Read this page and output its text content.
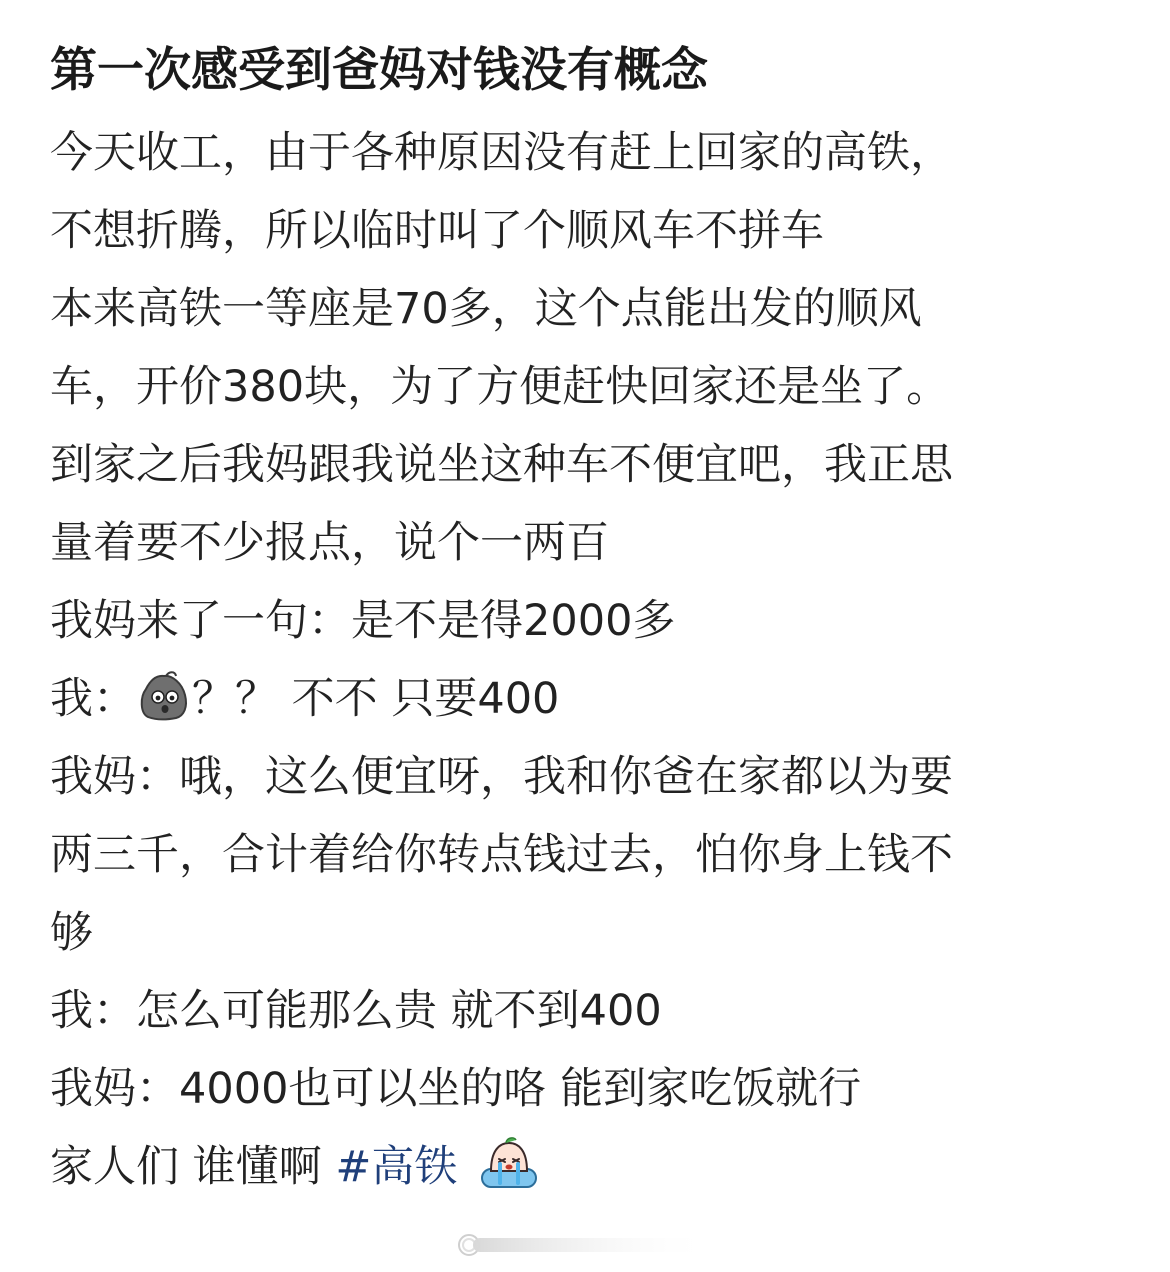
第一次感受到爸妈对钱没有概念
今天收工，由于各种原因没有赶上回家的高铁，
不想折腾，所以临时叫了个顺风车不拼车
本来高铁一等座是70多，这个点能出发的顺风
车，开价380块，为了方便赶快回家还是坐了。
到家之后我妈跟我说坐这种车不便宜吧，我正思
量着要不少报点，说个一两百
我妈来了一句：是不是得2000多
我： ？？ 不不 只要400
我妈：哦，这么便宜呀，我和你爸在家都以为要
两三千，合计着给你转点钱过去，怕你身上钱不
够
我：怎么可能那么贵 就不到400
我妈：4000也可以坐的咯 能到家吃饭就行
家人们 谁懂啊 #高铁
